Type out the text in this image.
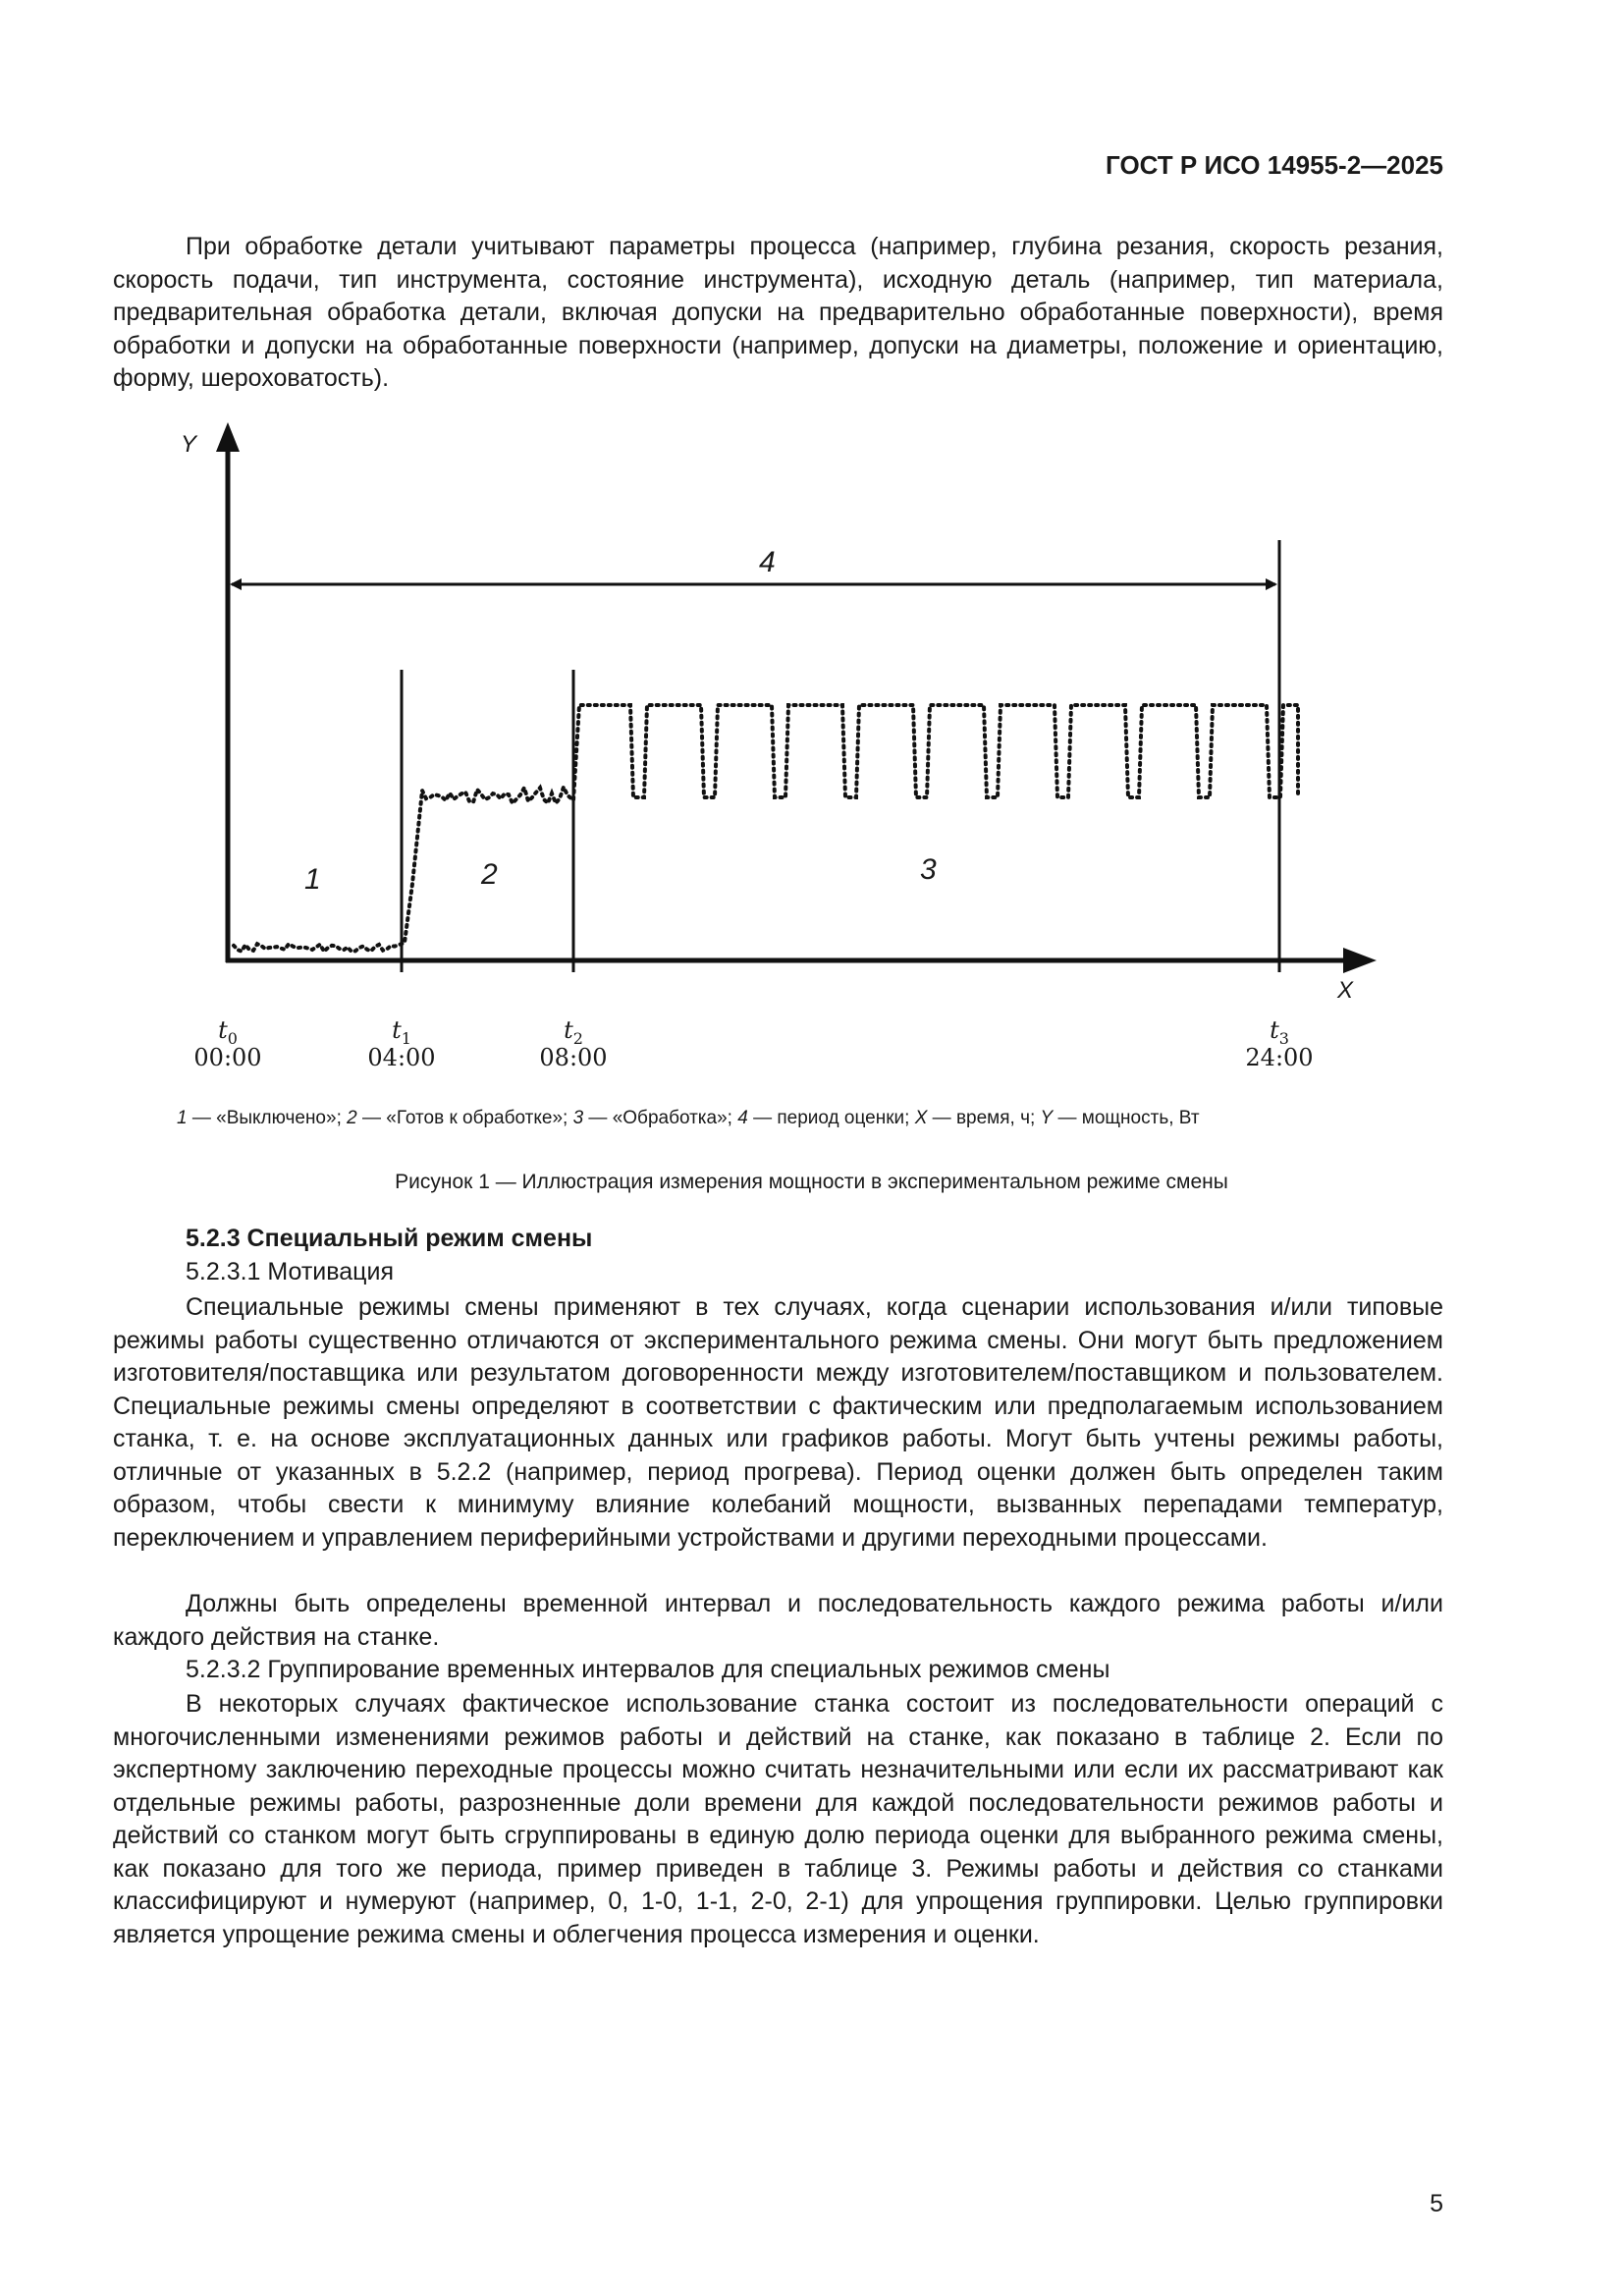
ГОСТ Р ИСО 14955-2—2025

При обработке детали учитывают параметры процесса (например, глубина резания, скорость резания, скорость подачи, тип инструмента, состояние инструмента), исходную деталь (например, тип материала, предварительная обработка детали, включая допуски на предварительно обработанные поверхности), время обработки и допуски на обработанные поверхности (например, допуски на диаметры, положение и ориентацию, форму, шероховатость).

Y
X
4
1	2	3
$t_0$
00:00
$t_1$
04:00
$t_2$
08:00
$t_3$
24:00
1 — «Выключено»; 2 — «Готов к обработке»; 3 — «Обработка»; 4 — период оценки; X — время, ч; Y — мощность, Вт
Рисунок 1 — Иллюстрация измерения мощности в экспериментальном режиме смены
5.2.3 Специальный режим смены
5.2.3.1 Мотивация

Специальные режимы смены применяют в тех случаях, когда сценарии использования и/или типовые режимы работы существенно отличаются от экспериментального режима смены. Они могут быть предложением изготовителя/поставщика или результатом договоренности между изготовителем/поставщиком и пользователем. Специальные режимы смены определяют в соответствии с фактическим или предполагаемым использованием станка, т. е. на основе эксплуатационных данных или графиков работы. Могут быть учтены режимы работы, отличные от указанных в 5.2.2 (например, период прогрева). Период оценки должен быть определен таким образом, чтобы свести к минимуму влияние колебаний мощности, вызванных перепадами температур, переключением и управлением периферийными устройствами и другими переходными процессами.

Должны быть определены временной интервал и последовательность каждого режима работы и/или каждого действия на станке.

5.2.3.2 Группирование временных интервалов для специальных режимов смены

В некоторых случаях фактическое использование станка состоит из последовательности операций с многочисленными изменениями режимов работы и действий на станке, как показано в таблице 2. Если по экспертному заключению переходные процессы можно считать незначительными или если их рассматривают как отдельные режимы работы, разрозненные доли времени для каждой последовательности режимов работы и действий со станком могут быть сгруппированы в единую долю периода оценки для выбранного режима смены, как показано для того же периода, пример приведен в таблице 3. Режимы работы и действия со станками классифицируют и нумеруют (например, 0, 1-0, 1-1, 2-0, 2-1) для упрощения группировки. Целью группировки является упрощение режима смены и облегчения процесса измерения и оценки.

5
